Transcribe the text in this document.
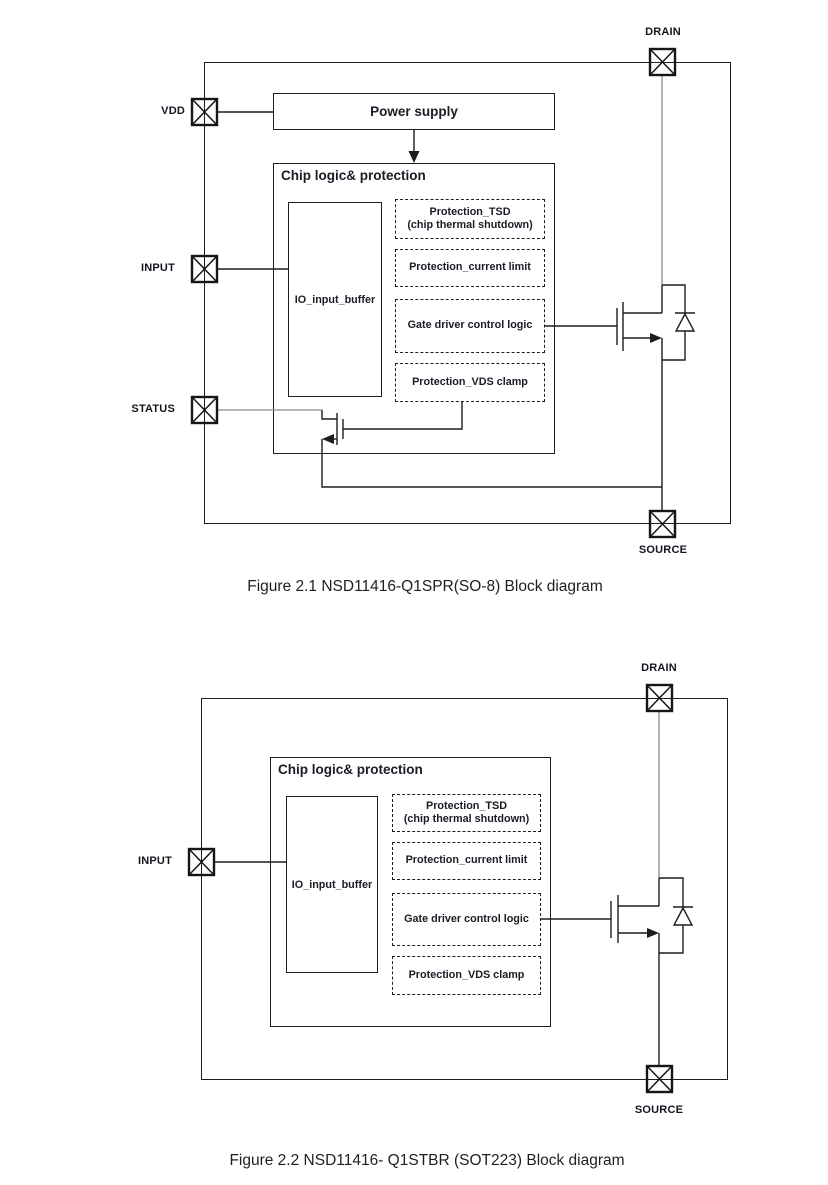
Power supply
Chip logic& protection
IO_input_buffer
Protection_TSD
(chip thermal shutdown)
Protection_current limit
Gate driver control logic
Protection_VDS clamp
VDD
INPUT
STATUS
DRAIN
SOURCE
Figure 2.1 NSD11416-Q1SPR(SO-8) Block diagram
Chip logic& protection
IO_input_buffer
Protection_TSD
(chip thermal shutdown)
Protection_current limit
Gate driver control logic
Protection_VDS clamp
INPUT
DRAIN
SOURCE
Figure 2.2 NSD11416- Q1STBR (SOT223) Block diagram
